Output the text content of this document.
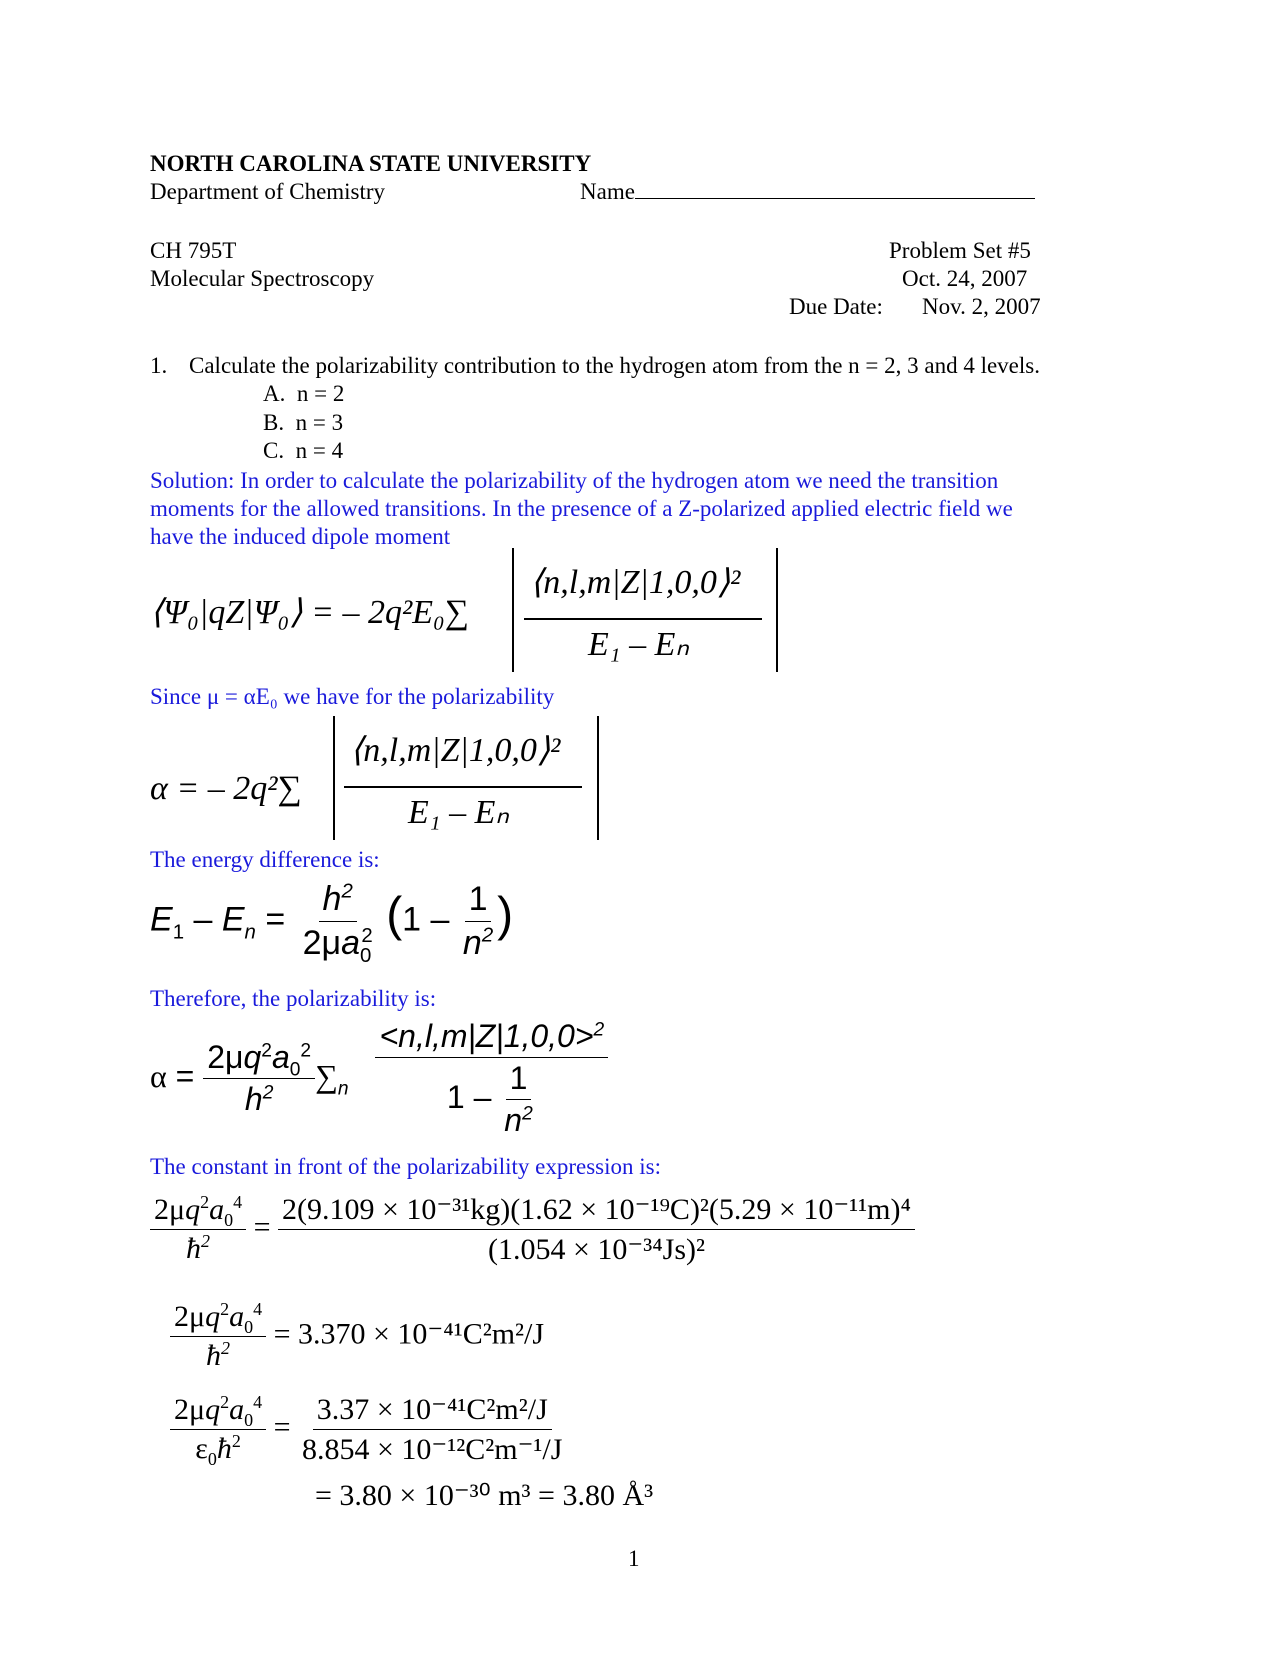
NORTH CAROLINA STATE UNIVERSITY
Department of Chemistry	Name
CH 795T
Molecular Spectroscopy
Problem Set #5
Oct. 24, 2007
Due Date: Nov. 2, 2007
1. Calculate the polarizability contribution to the hydrogen atom from the n = 2, 3 and 4 levels.
A. n = 2
B. n = 3
C. n = 4
Solution: In order to calculate the polarizability of the hydrogen atom we need the transition
moments for the allowed transitions. In the presence of a Z-polarized applied electric field we
have the induced dipole moment
⟨Ψ₀|qZ|Ψ₀⟩ = – 2q²E₀∑
⟨n,l,m|Z|1,0,0⟩²
E₁ – Eₙ
Since μ = αE₀ we have for the polarizability
α = – 2q²∑
⟨n,l,m|Z|1,0,0⟩²
E₁ – Eₙ
The energy difference is:
$E_1 - E_n = \frac{h^2}{2\mu a_0^2} (1 - \frac{1}{n^2}$ )
Therefore, the polarizability is:
$\alpha = \frac{2\mu q^2a_0^2}{h^2} \sum_n \frac{<n,l,m|Z|1,0,0>^2}{1 - \frac{1}{n^2}}$
The constant in front of the polarizability expression is:
$\frac{2\mu q^2a_0^4}{ħ^2} = \frac{\text{2(9.109 × 10⁻³¹kg)(1.62 × 10⁻¹⁹C)²(5.29 × 10⁻¹¹m)⁴}}{\text{(1.054 × 10⁻³⁴Js)²}}$
$\frac{2\mu q^2a_0^4}{ħ^2} = 3.370 \times 10^{-41}C^2m^2/J$
$\frac{2\mu q^2a_0^4}{\varepsilon_0ħ^2} = \frac{\text{3.37 × 10⁻⁴¹C²m²/J}}{\text{8.854 × 10⁻¹²C²m⁻¹/J}}$
= 3.80 × 10⁻³⁰ m³ = 3.80 Å³
1
